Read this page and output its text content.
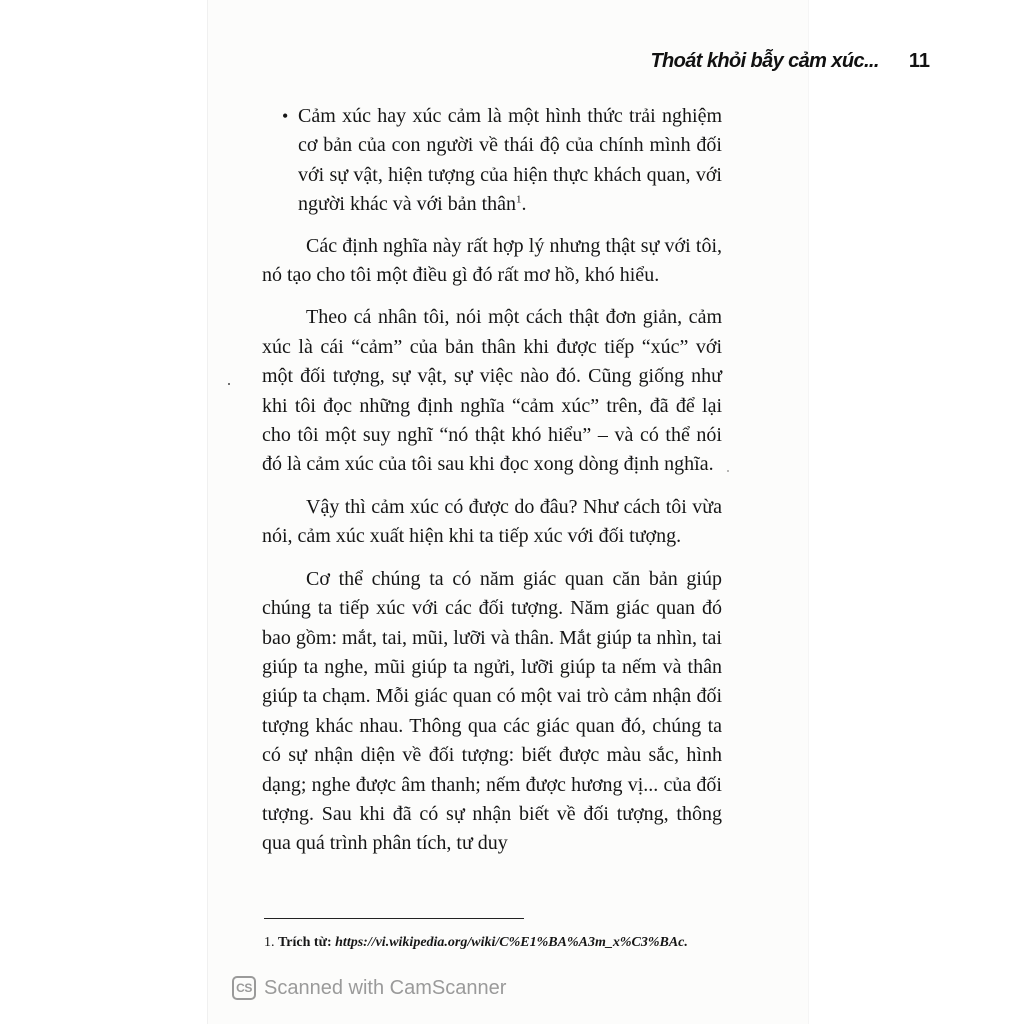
Thoát khỏi bẫy cảm xúc... 11
• Cảm xúc hay xúc cảm là một hình thức trải nghiệm cơ bản của con người về thái độ của chính mình đối với sự vật, hiện tượng của hiện thực khách quan, với người khác và với bản thân$^1$.

Các định nghĩa này rất hợp lý nhưng thật sự với tôi, nó tạo cho tôi một điều gì đó rất mơ hồ, khó hiểu.

Theo cá nhân tôi, nói một cách thật đơn giản, cảm xúc là cái “cảm” của bản thân khi được tiếp “xúc” với một đối tượng, sự vật, sự việc nào đó. Cũng giống như khi tôi đọc những định nghĩa “cảm xúc” trên, đã để lại cho tôi một suy nghĩ “nó thật khó hiểu” – và có thể nói đó là cảm xúc của tôi sau khi đọc xong dòng định nghĩa.

Vậy thì cảm xúc có được do đâu? Như cách tôi vừa nói, cảm xúc xuất hiện khi ta tiếp xúc với đối tượng.

Cơ thể chúng ta có năm giác quan căn bản giúp chúng ta tiếp xúc với các đối tượng. Năm giác quan đó bao gồm: mắt, tai, mũi, lưỡi và thân. Mắt giúp ta nhìn, tai giúp ta nghe, mũi giúp ta ngửi, lưỡi giúp ta nếm và thân giúp ta chạm. Mỗi giác quan có một vai trò cảm nhận đối tượng khác nhau. Thông qua các giác quan đó, chúng ta có sự nhận diện về đối tượng: biết được màu sắc, hình dạng; nghe được âm thanh; nếm được hương vị... của đối tượng. Sau khi đã có sự nhận biết về đối tượng, thông qua quá trình phân tích, tư duy

1. Trích từ: https://vi.wikipedia.org/wiki/C%E1%BA%A3m_x%C3%BAc.
CS Scanned with CamScanner
